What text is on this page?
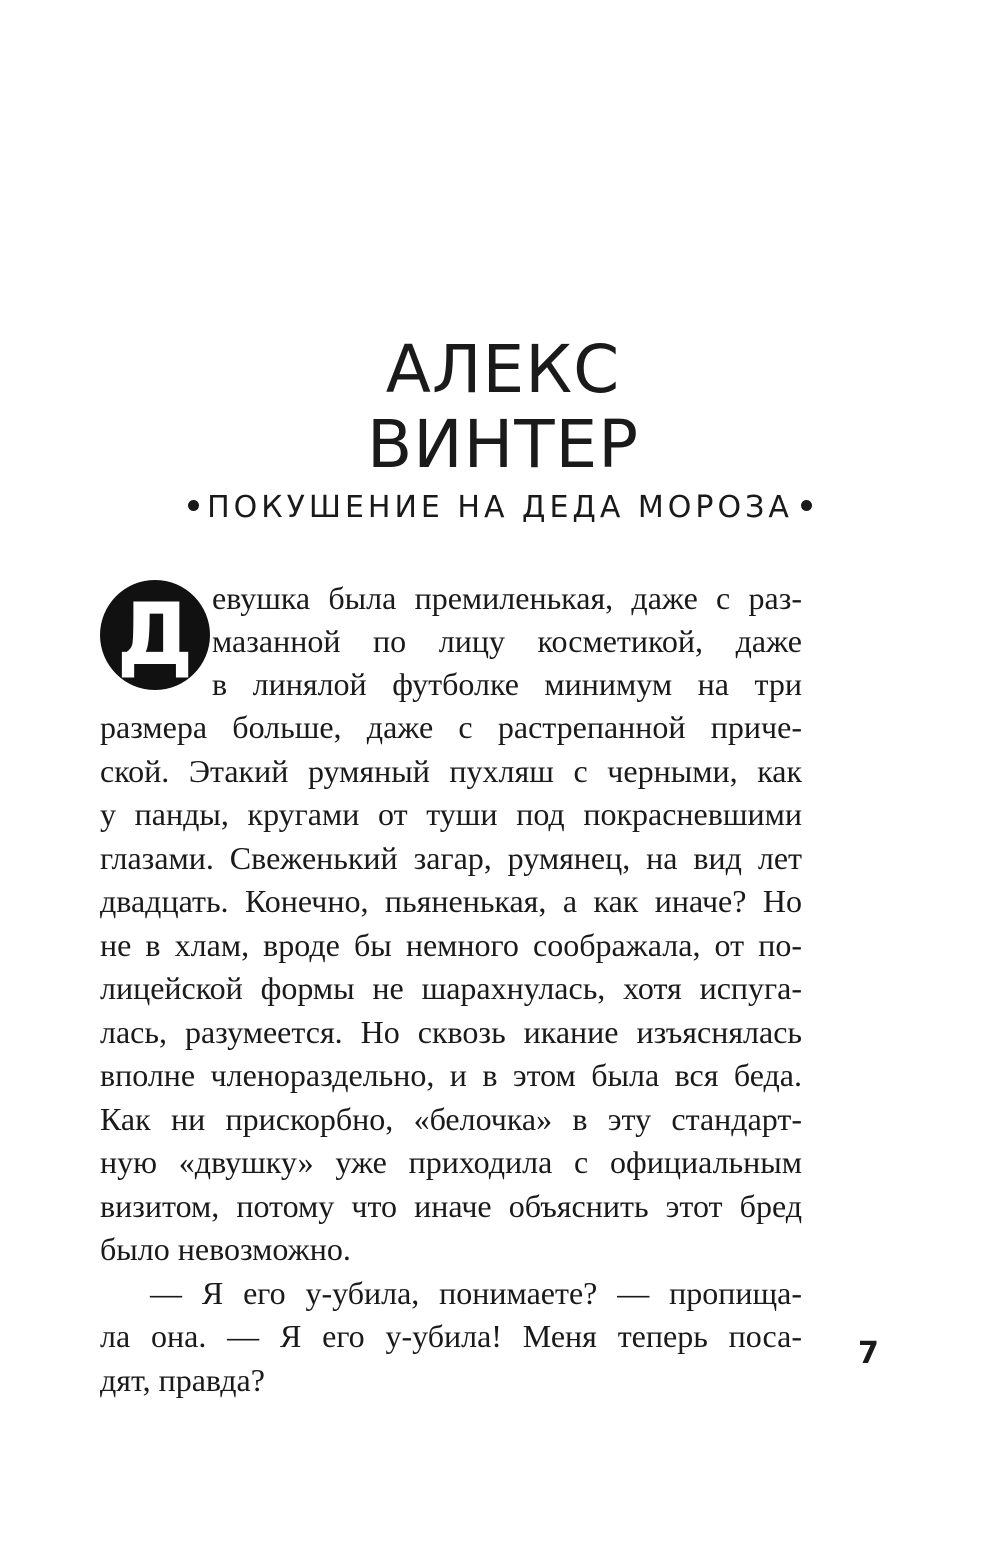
АЛЕКС
ВИНТЕР
ПОКУШЕНИЕ НА ДЕДА МОРОЗА
Д евушка была премиленькая, даже с раз-
мазанной по лицу косметикой, даже
в линялой футболке минимум на три
размера больше, даже с растрепанной приче-
ской. Этакий румяный пухляш с черными, как
у панды, кругами от туши под покрасневшими
глазами. Свеженький загар, румянец, на вид лет
двадцать. Конечно, пьяненькая, а как иначе? Но
не в хлам, вроде бы немного соображала, от по-
лицейской формы не шарахнулась, хотя испуга-
лась, разумеется. Но сквозь икание изъяснялась
вполне членораздельно, и в этом была вся беда.
Как ни прискорбно, «белочка» в эту стандарт-
ную «двушку» уже приходила с официальным
визитом, потому что иначе объяснить этот бред
было невозможно.
— Я его у-убила, понимаете? — пропища-
ла она. — Я его у-убила! Меня теперь поса-
дят, правда?
7
